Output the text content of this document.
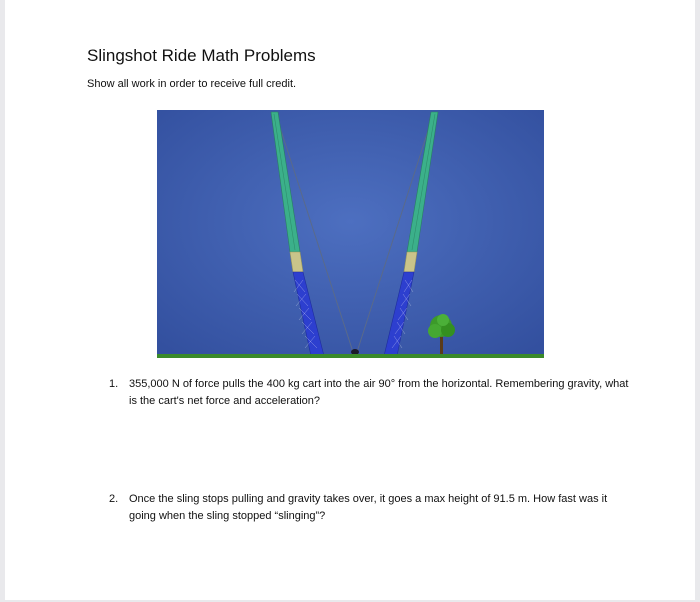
Slingshot Ride Math Problems
Show all work in order to receive full credit.
1. 355,000 N of force pulls the 400 kg cart into the air 90° from the horizontal. Remembering gravity, what is the cart's net force and acceleration?
2. Once the sling stops pulling and gravity takes over, it goes a max height of 91.5 m. How fast was it going when the sling stopped “slinging”?
